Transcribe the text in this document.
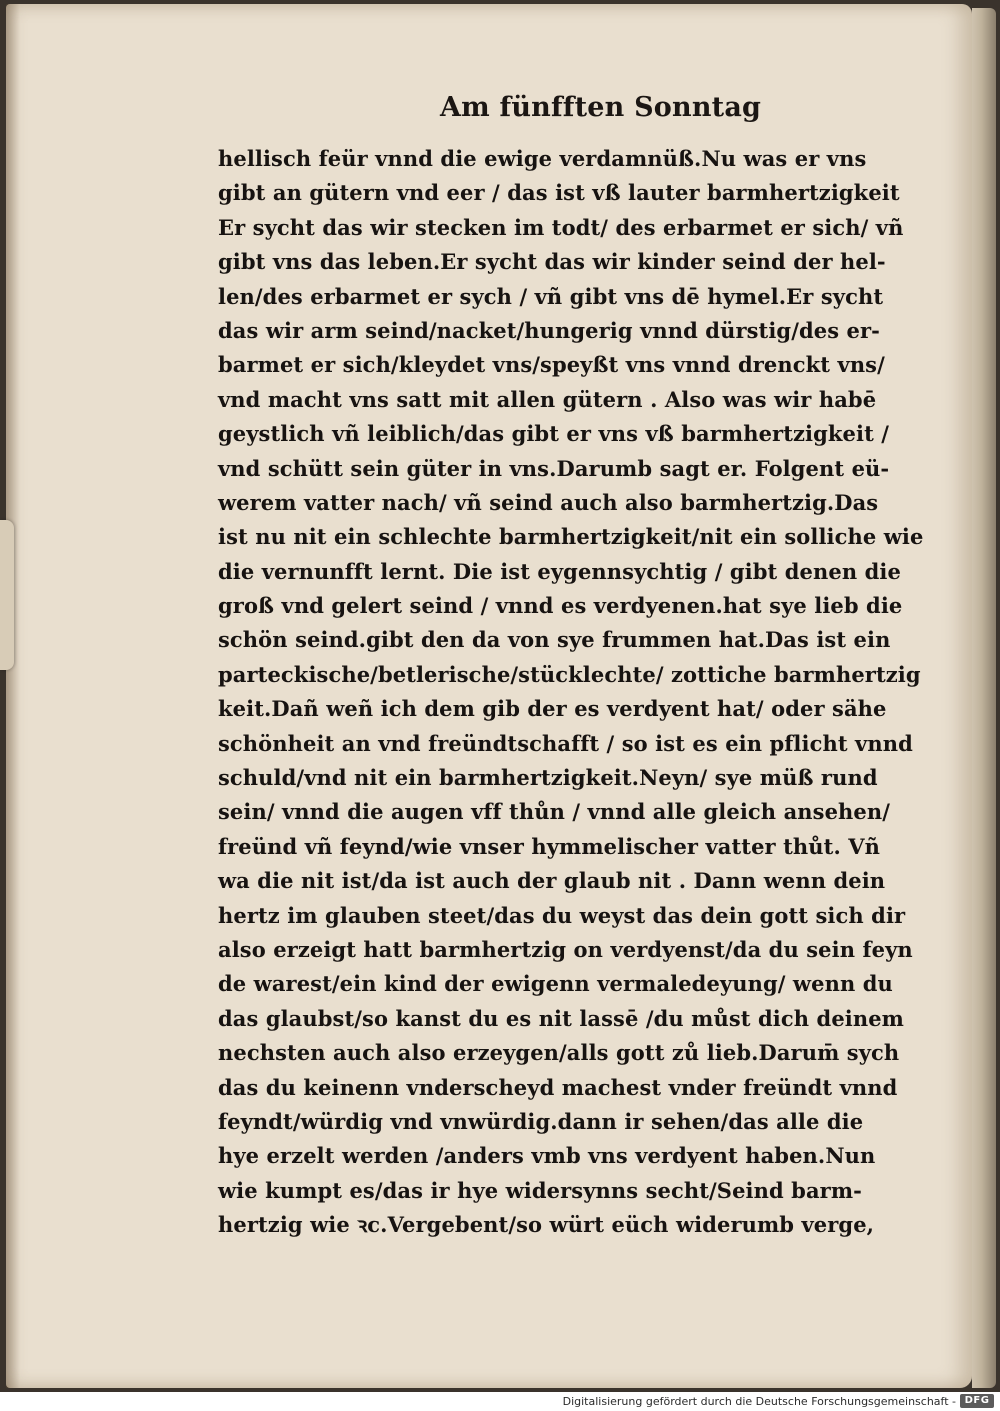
Am fünfften Sonntag
hellisch feür vnnd die ewige verdamnüß.Nu was er vns
gibt an gütern vnd eer / das ist vß lauter barmhertzigkeit
Er sycht das wir stecken im todt/ des erbarmet er sich/ vñ
gibt vns das leben.Er sycht das wir kinder seind der hel-
len/des erbarmet er sych / vñ gibt vns dē hymel.Er sycht
das wir arm seind/nacket/hungerig vnnd dürstig/des er-
barmet er sich/kleydet vns/speyßt vns vnnd drenckt vns/
vnd macht vns satt mit allen gütern . Also was wir habē
geystlich vñ leiblich/das gibt er vns vß barmhertzigkeit /
vnd schütt sein güter in vns.Darumb sagt er. Folgent eü-
werem vatter nach/ vñ seind auch also barmhertzig.Das
ist nu nit ein schlechte barmhertzigkeit/nit ein solliche wie
die vernunfft lernt. Die ist eygennsychtig / gibt denen die
groß vnd gelert seind / vnnd es verdyenen.hat sye lieb die
schön seind.gibt den da von sye frummen hat.Das ist ein
parteckische/betlerische/stücklechte/ zottiche barmhertzig
keit.Dañ weñ ich dem gib der es verdyent hat/ oder sähe
schönheit an vnd freündtschafft / so ist es ein pflicht vnnd
schuld/vnd nit ein barmhertzigkeit.Neyn/ sye müß rund
sein/ vnnd die augen vff thůn / vnnd alle gleich ansehen/
freünd vñ feynd/wie vnser hymmelischer vatter thůt. Vñ
wa die nit ist/da ist auch der glaub nit . Dann wenn dein
hertz im glauben steet/das du weyst das dein gott sich dir
also erzeigt hatt barmhertzig on verdyenst/da du sein feyn
de warest/ein kind der ewigenn vermaledeyung/ wenn du
das glaubst/so kanst du es nit lassē /du můst dich deinem
nechsten auch also erzeygen/alls gott zů lieb.Darum̄ sych
das du keinenn vnderscheyd machest vnder freündt vnnd
feyndt/würdig vnd vnwürdig.dann ir sehen/das alle die
hye erzelt werden /anders vmb vns verdyent haben.Nun
wie kumpt es/das ir hye widersynns secht/Seind barm-
hertzig wie ꝛc.Vergebent/so würt eüch widerumb verge,
Digitalisierung gefördert durch die Deutsche Forschungsgemeinschaft - DFG
